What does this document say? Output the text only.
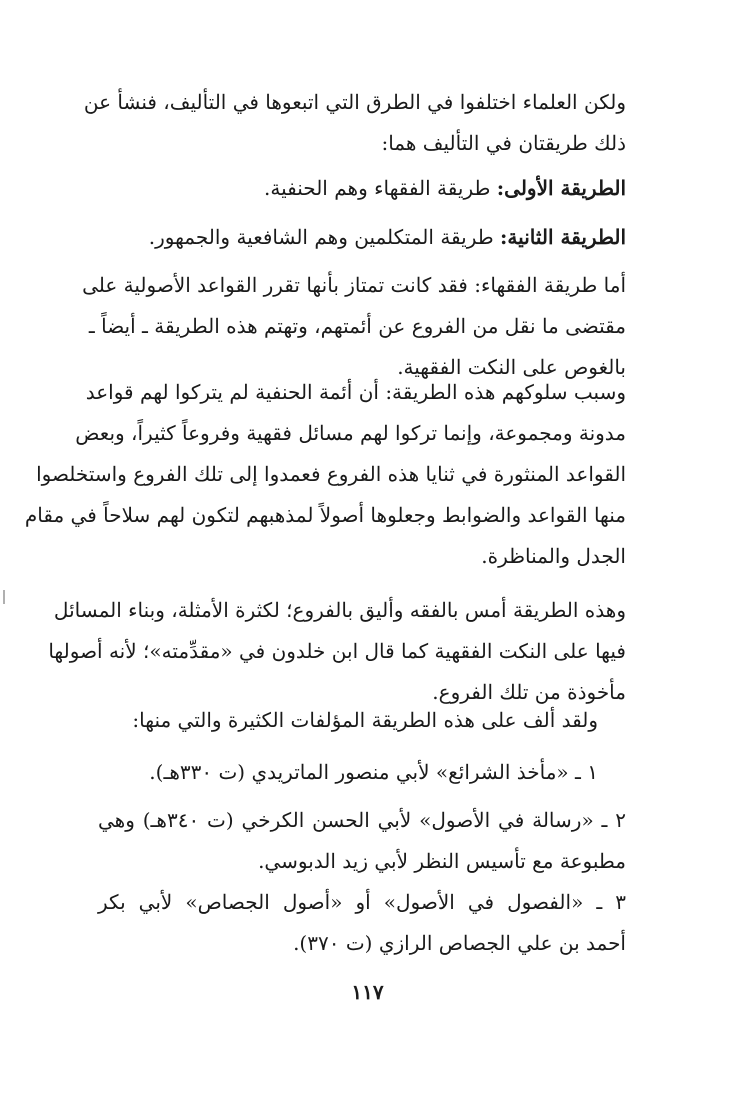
ولكن العلماء اختلفوا في الطرق التي اتبعوها في التأليف، فنشأ عن
ذلك طريقتان في التأليف هما:
الطريقة الأولى: طريقة الفقهاء وهم الحنفية.
الطريقة الثانية: طريقة المتكلمين وهم الشافعية والجمهور.
أما طريقة الفقهاء: فقد كانت تمتاز بأنها تقرر القواعد الأصولية على
مقتضى ما نقل من الفروع عن أئمتهم، وتهتم هذه الطريقة ـ أيضاً ـ
بالغوص على النكت الفقهية.
وسبب سلوكهم هذه الطريقة: أن أئمة الحنفية لم يتركوا لهم قواعد
مدونة ومجموعة، وإنما تركوا لهم مسائل فقهية وفروعاً كثيراً، وبعض
القواعد المنثورة في ثنايا هذه الفروع فعمدوا إلى تلك الفروع واستخلصوا
منها القواعد والضوابط وجعلوها أصولاً لمذهبهم لتكون لهم سلاحاً في مقام
الجدل والمناظرة.
وهذه الطريقة أمس بالفقه وأليق بالفروع؛ لكثرة الأمثلة، وبناء المسائل
فيها على النكت الفقهية كما قال ابن خلدون في «مقدِّمته»؛ لأنه أصولها
مأخوذة من تلك الفروع.
ولقد ألف على هذه الطريقة المؤلفات الكثيرة والتي منها:
١ ـ «مأخذ الشرائع» لأبي منصور الماتريدي (ت ٣٣٠هـ).
٢ ـ «رسالة في الأصول» لأبي الحسن الكرخي (ت ٣٤٠هـ) وهي
مطبوعة مع تأسيس النظر لأبي زيد الدبوسي.
٣ ـ «الفصول في الأصول» أو «أصول الجصاص» لأبي بكر
أحمد بن علي الجصاص الرازي (ت ٣٧٠).
١١٧
